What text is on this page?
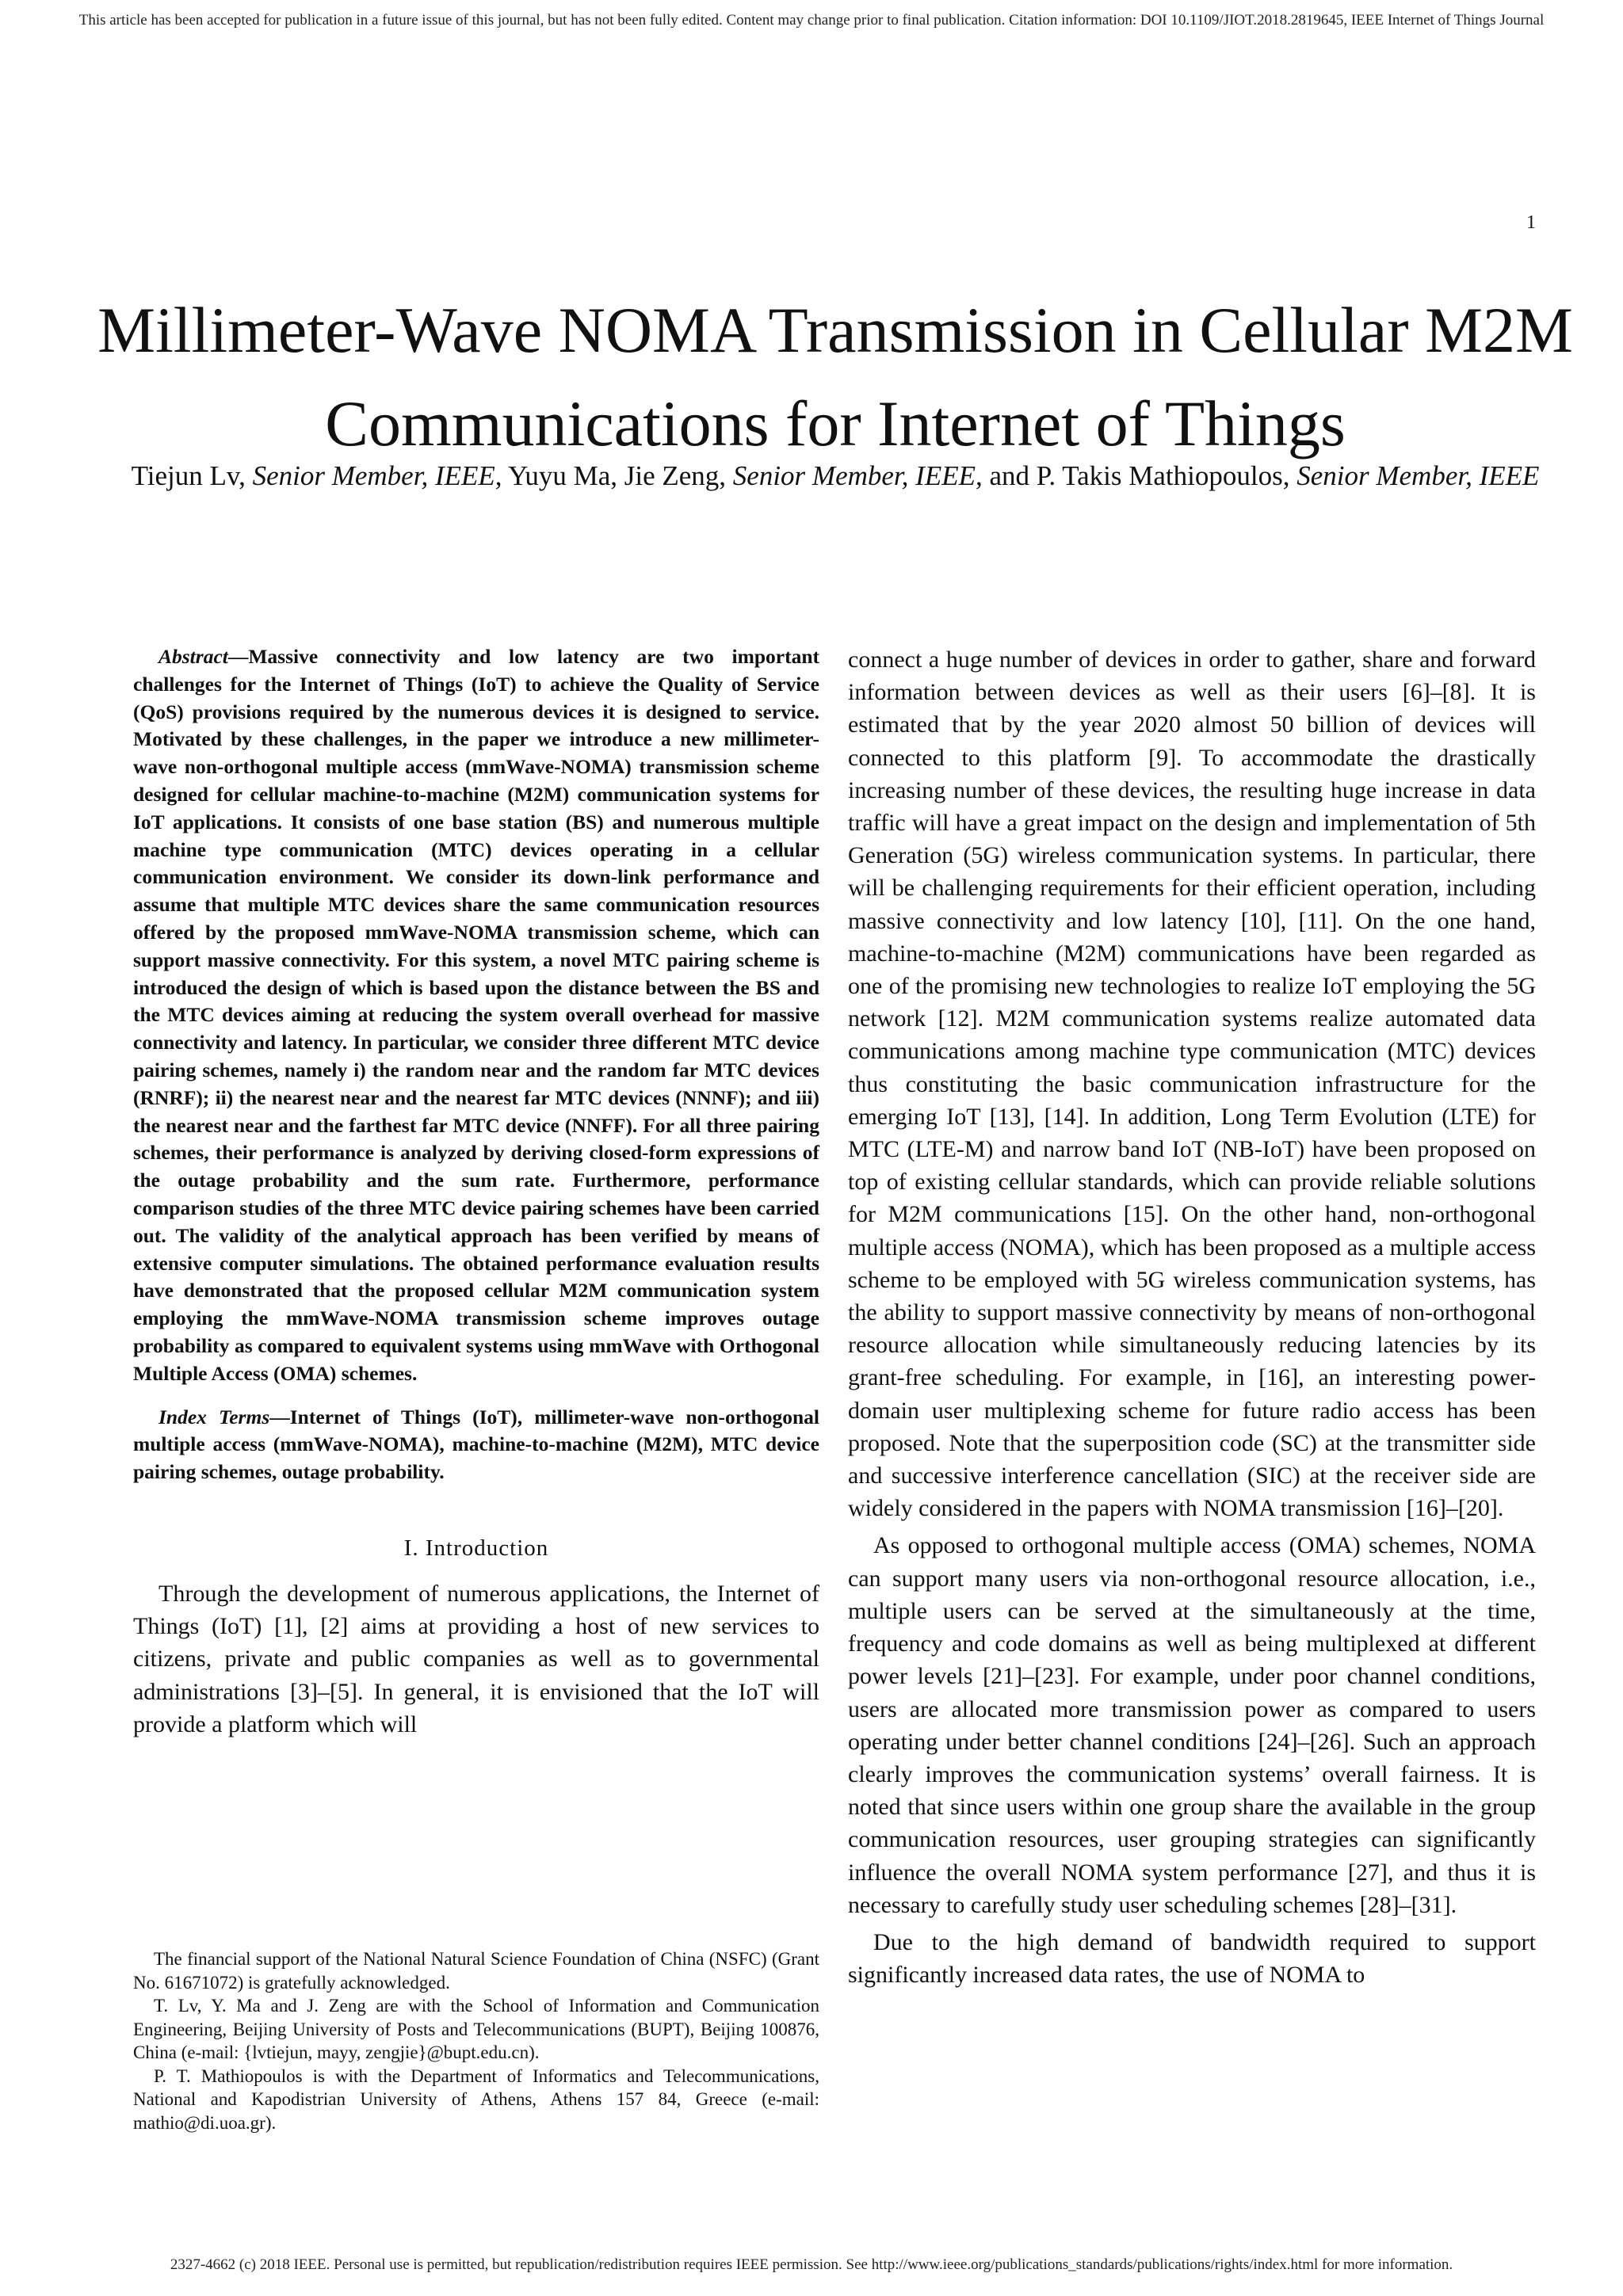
This article has been accepted for publication in a future issue of this journal, but has not been fully edited. Content may change prior to final publication. Citation information: DOI 10.1109/JIOT.2018.2819645, IEEE Internet of Things Journal
1
Millimeter-Wave NOMA Transmission in Cellular M2M Communications for Internet of Things
Tiejun Lv, Senior Member, IEEE, Yuyu Ma, Jie Zeng, Senior Member, IEEE, and P. Takis Mathiopoulos, Senior Member, IEEE

Abstract—Massive connectivity and low latency are two important challenges for the Internet of Things (IoT) to achieve the Quality of Service (QoS) provisions required by the numerous devices it is designed to service. Motivated by these challenges, in the paper we introduce a new millimeter-wave non-orthogonal multiple access (mmWave-NOMA) transmission scheme designed for cellular machine-to-machine (M2M) communication systems for IoT applications. It consists of one base station (BS) and numerous multiple machine type communication (MTC) devices operating in a cellular communication environment. We consider its down-link performance and assume that multiple MTC devices share the same communication resources offered by the proposed mmWave-NOMA transmission scheme, which can support massive connectivity. For this system, a novel MTC pairing scheme is introduced the design of which is based upon the distance between the BS and the MTC devices aiming at reducing the system overall overhead for massive connectivity and latency. In particular, we consider three different MTC device pairing schemes, namely i) the random near and the random far MTC devices (RNRF); ii) the nearest near and the nearest far MTC devices (NNNF); and iii) the nearest near and the farthest far MTC device (NNFF). For all three pairing schemes, their performance is analyzed by deriving closed-form expressions of the outage probability and the sum rate. Furthermore, performance comparison studies of the three MTC device pairing schemes have been carried out. The validity of the analytical approach has been verified by means of extensive computer simulations. The obtained performance evaluation results have demonstrated that the proposed cellular M2M communication system employing the mmWave-NOMA transmission scheme improves outage probability as compared to equivalent systems using mmWave with Orthogonal Multiple Access (OMA) schemes.

Index Terms—Internet of Things (IoT), millimeter-wave non-orthogonal multiple access (mmWave-NOMA), machine-to-machine (M2M), MTC device pairing schemes, outage probability.

I. Introduction

Through the development of numerous applications, the Internet of Things (IoT) [1], [2] aims at providing a host of new services to citizens, private and public companies as well as to governmental administrations [3]–[5]. In general, it is envisioned that the IoT will provide a platform which will

The financial support of the National Natural Science Foundation of China (NSFC) (Grant No. 61671072) is gratefully acknowledged.

T. Lv, Y. Ma and J. Zeng are with the School of Information and Communication Engineering, Beijing University of Posts and Telecommunications (BUPT), Beijing 100876, China (e-mail: {lvtiejun, mayy, zengjie}@bupt.edu.cn).

P. T. Mathiopoulos is with the Department of Informatics and Telecommunications, National and Kapodistrian University of Athens, Athens 157 84, Greece (e-mail: mathio@di.uoa.gr).

connect a huge number of devices in order to gather, share and forward information between devices as well as their users [6]–[8]. It is estimated that by the year 2020 almost 50 billion of devices will connected to this platform [9]. To accommodate the drastically increasing number of these devices, the resulting huge increase in data traffic will have a great impact on the design and implementation of 5th Generation (5G) wireless communication systems. In particular, there will be challenging requirements for their efficient operation, including massive connectivity and low latency [10], [11]. On the one hand, machine-to-machine (M2M) communications have been regarded as one of the promising new technologies to realize IoT employing the 5G network [12]. M2M communication systems realize automated data communications among machine type communication (MTC) devices thus constituting the basic communication infrastructure for the emerging IoT [13], [14]. In addition, Long Term Evolution (LTE) for MTC (LTE-M) and narrow band IoT (NB-IoT) have been proposed on top of existing cellular standards, which can provide reliable solutions for M2M communications [15]. On the other hand, non-orthogonal multiple access (NOMA), which has been proposed as a multiple access scheme to be employed with 5G wireless communication systems, has the ability to support massive connectivity by means of non-orthogonal resource allocation while simultaneously reducing latencies by its grant-free scheduling. For example, in [16], an interesting power-domain user multiplexing scheme for future radio access has been proposed. Note that the superposition code (SC) at the transmitter side and successive interference cancellation (SIC) at the receiver side are widely considered in the papers with NOMA transmission [16]–[20].

As opposed to orthogonal multiple access (OMA) schemes, NOMA can support many users via non-orthogonal resource allocation, i.e., multiple users can be served at the simultaneously at the time, frequency and code domains as well as being multiplexed at different power levels [21]–[23]. For example, under poor channel conditions, users are allocated more transmission power as compared to users operating under better channel conditions [24]–[26]. Such an approach clearly improves the communication systems’ overall fairness. It is noted that since users within one group share the available in the group communication resources, user grouping strategies can significantly influence the overall NOMA system performance [27], and thus it is necessary to carefully study user scheduling schemes [28]–[31].

Due to the high demand of bandwidth required to support significantly increased data rates, the use of NOMA to

2327-4662 (c) 2018 IEEE. Personal use is permitted, but republication/redistribution requires IEEE permission. See http://www.ieee.org/publications_standards/publications/rights/index.html for more information.
